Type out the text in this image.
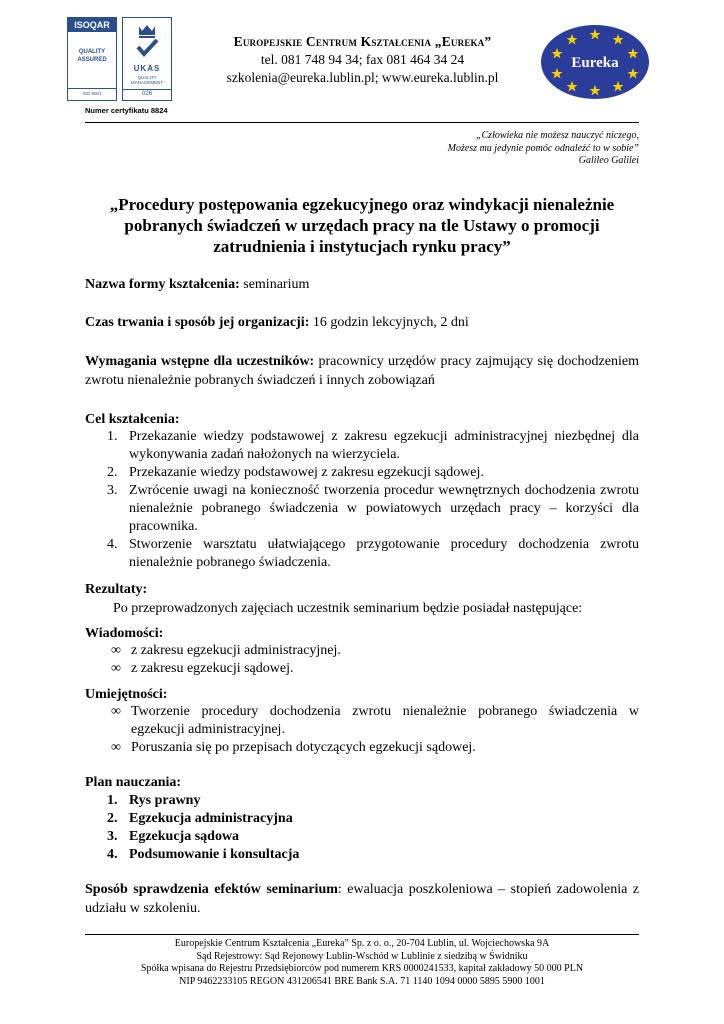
ISOQAR
QUALITY
ASSURED
ISO 9001
UKAS
QUALITY
MANAGEMENT
026
Numer certyfikatu 8824
Europejskie Centrum Kształcenia „Eureka”
tel. 081 748 94 34; fax 081 464 34 24
szkolenia@eureka.lublin.pl; www.eureka.lublin.pl
Eureka
„Człowieka nie możesz nauczyć niczego,
Możesz mu jedynie pomóc odnaleźć to w sobie”
Galileo Galilei
„Procedury postępowania egzekucyjnego oraz windykacji nienależnie pobranych świadczeń w urzędach pracy na tle Ustawy o promocji zatrudnienia i instytucjach rynku pracy”
Nazwa formy kształcenia: seminarium
Czas trwania i sposób jej organizacji: 16 godzin lekcyjnych, 2 dni
Wymagania wstępne dla uczestników: pracownicy urzędów pracy zajmujący się dochodzeniem zwrotu nienależnie pobranych świadczeń i innych zobowiązań
Cel kształcenia:
1. Przekazanie wiedzy podstawowej z zakresu egzekucji administracyjnej niezbędnej dla wykonywania zadań nałożonych na wierzyciela.
2. Przekazanie wiedzy podstawowej z zakresu egzekucji sądowej.
3. Zwrócenie uwagi na konieczność tworzenia procedur wewnętrznych dochodzenia zwrotu nienależnie pobranego świadczenia w powiatowych urzędach pracy – korzyści dla pracownika.
4. Stworzenie warsztatu ułatwiającego przygotowanie procedury dochodzenia zwrotu nienależnie pobranego świadczenia.
Rezultaty:
Po przeprowadzonych zajęciach uczestnik seminarium będzie posiadał następujące:
Wiadomości:
∞ z zakresu egzekucji administracyjnej.
∞ z zakresu egzekucji sądowej.
Umiejętności:
∞ Tworzenie procedury dochodzenia zwrotu nienależnie pobranego świadczenia w egzekucji administracyjnej.
∞ Poruszania się po przepisach dotyczących egzekucji sądowej.
Plan nauczania:
1. Rys prawny
2. Egzekucja administracyjna
3. Egzekucja sądowa
4. Podsumowanie i konsultacja
Sposób sprawdzenia efektów seminarium: ewaluacja poszkoleniowa – stopień zadowolenia z udziału w szkoleniu.
Europejskie Centrum Kształcenia „Eureka” Sp. z o. o., 20-704 Lublin, ul. Wojciechowska 9A
Sąd Rejestrowy: Sąd Rejonowy Lublin-Wschód w Lublinie z siedzibą w Świdniku
Spółka wpisana do Rejestru Przedsiębiorców pod numerem KRS 0000241533, kapitał zakładowy 50 000 PLN
NIP 9462233105 REGON 431206541 BRE Bank S.A. 71 1140 1094 0000 5895 5900 1001
